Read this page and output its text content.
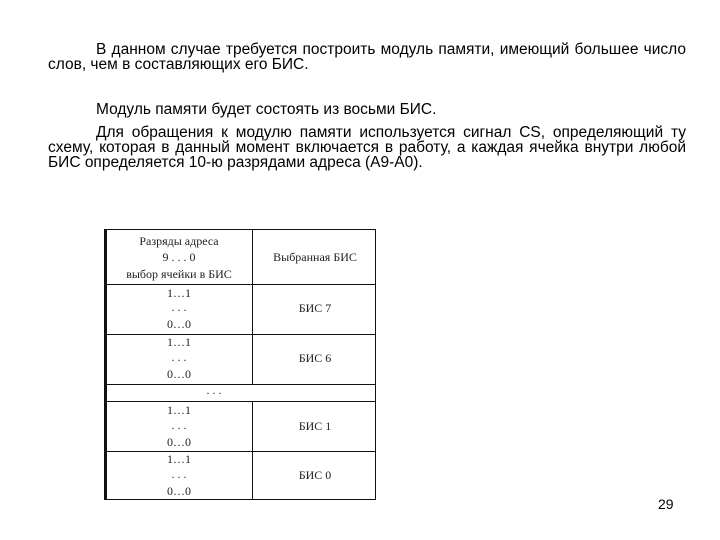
В данном случае требуется построить модуль памяти, имеющий большее число слов, чем в составляющих его БИС.

Модуль памяти будет состоять из восьми БИС.

Для обращения к модулю памяти используется сигнал CS, определяющий ту схему, которая в данный момент включается в работу, а каждая ячейка внутри любой БИС определяется 10-ю разрядами адреса (A9-A0).

Разряды адреса
9 . . . 0
выбор ячейки в БИС
Выбранная БИС
1…1
. . .
0…0
БИС 7
1…1
. . .
0…0
БИС 6
. . .
1…1
. . .
0…0
БИС 1
1…1
. . .
0…0
БИС 0
29
